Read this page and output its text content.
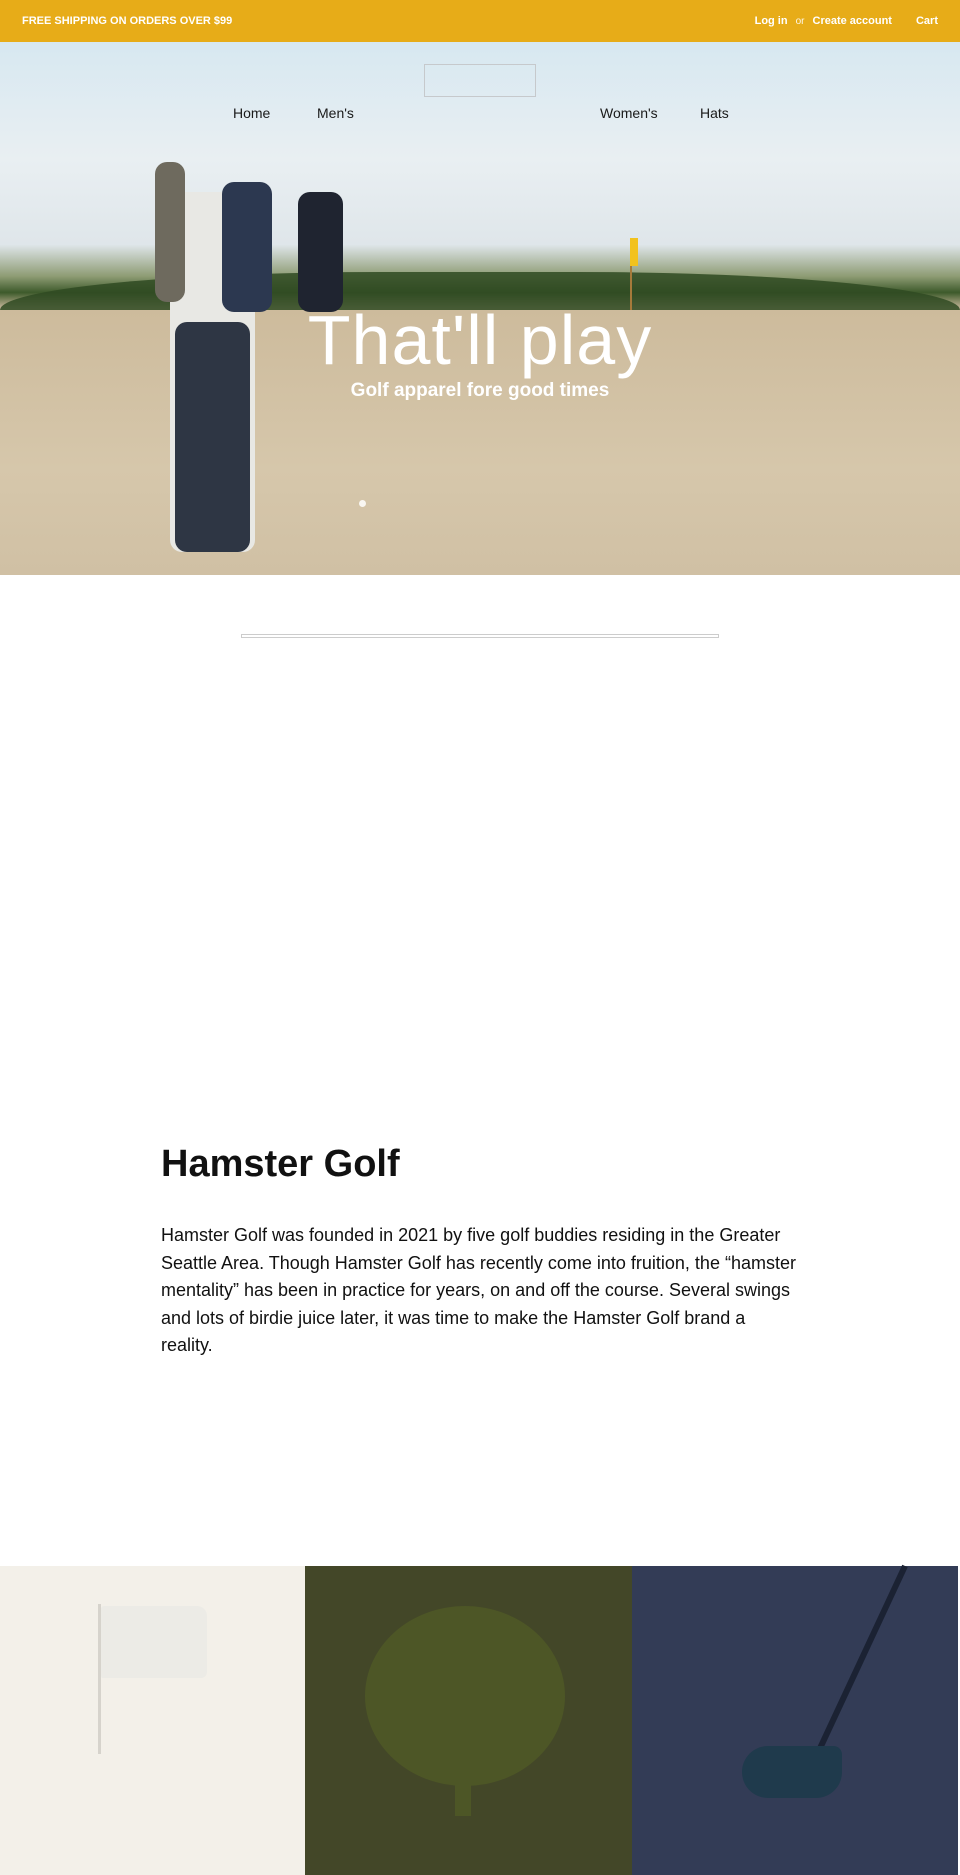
FREE SHIPPING ON ORDERS OVER $99	Log in or Create account Cart
Home	Men's	Women's	Hats
That'll play
Golf apparel fore good times
Hamster Golf

Hamster Golf was founded in 2021 by five golf buddies residing in the Greater Seattle Area. Though Hamster Golf has recently come into fruition, the “hamster mentality” has been in practice for years, on and off the course. Several swings and lots of birdie juice later, it was time to make the Hamster Golf brand a reality.
